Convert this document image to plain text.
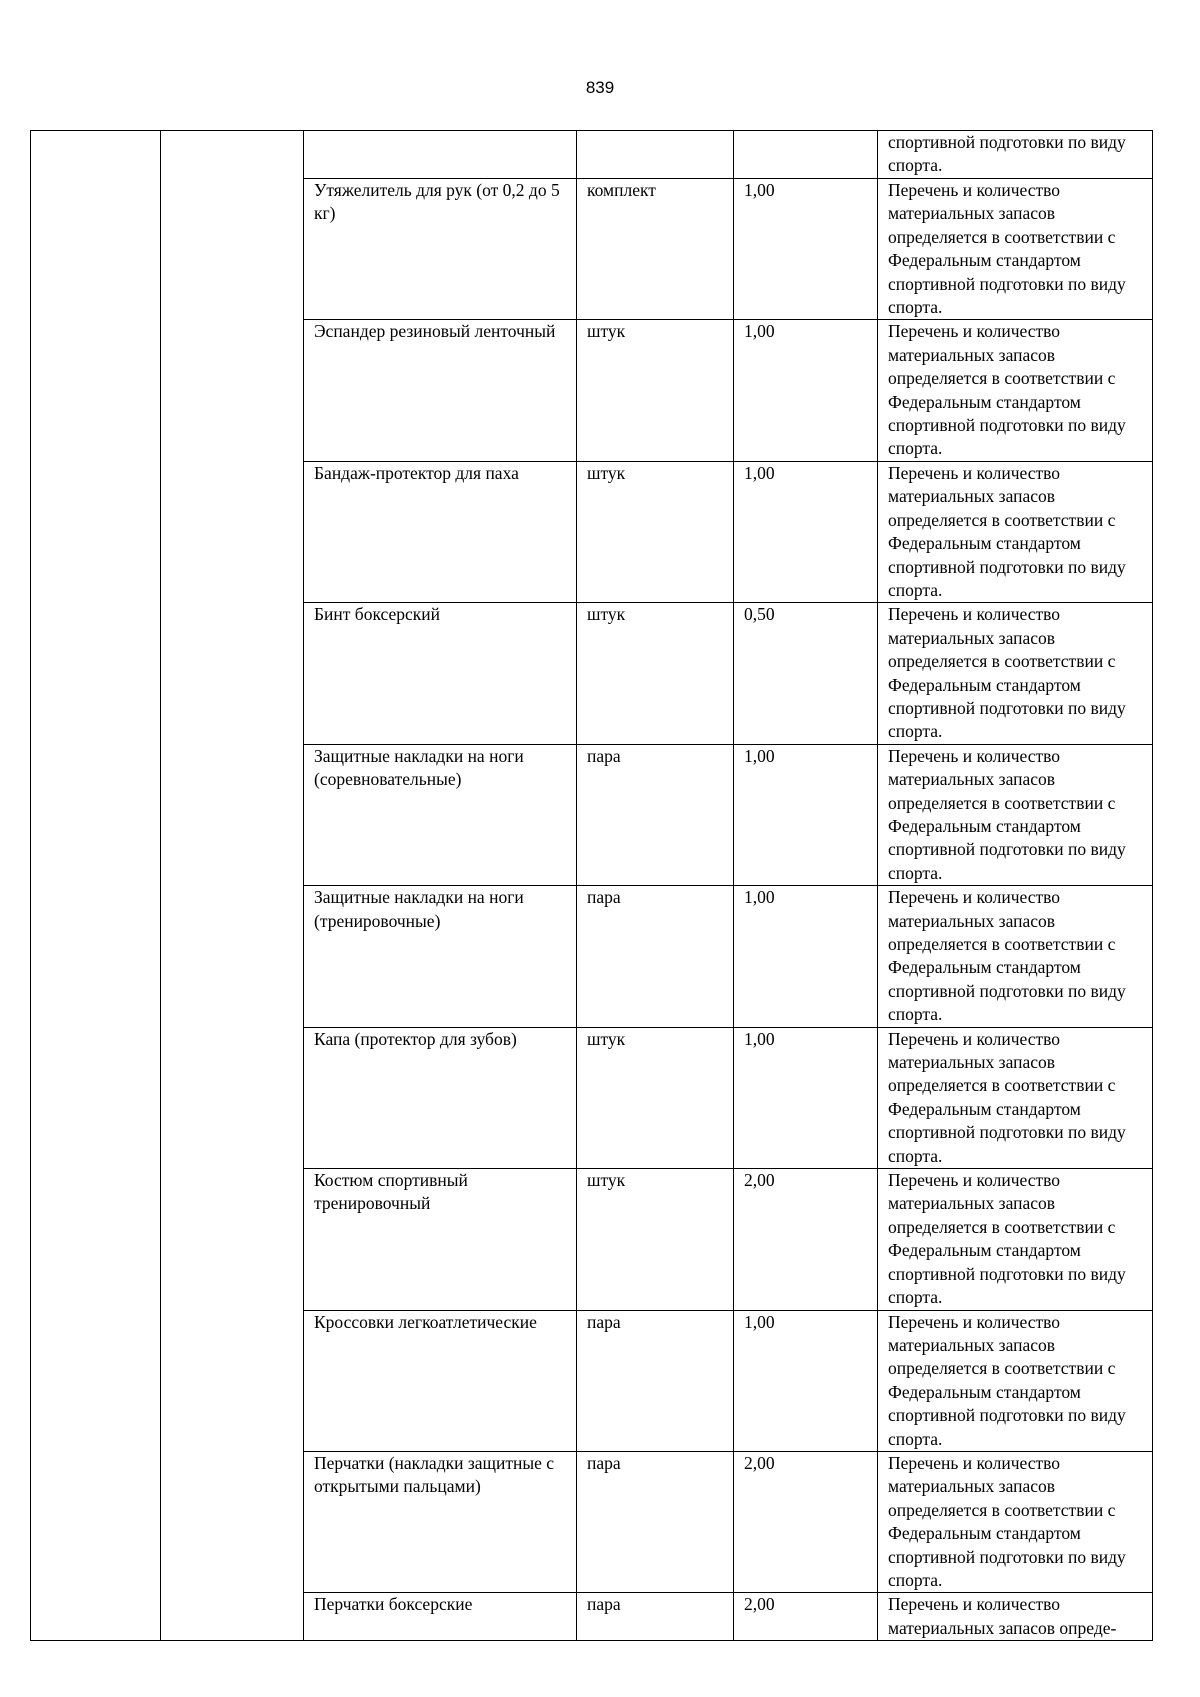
839

					спортивной подготовки по виду спорта.

		Утяжелитель для рук (от 0,2 до 5 кг)	комплект	1,00	Перечень и количество материальных запасов определяется в соответствии с Федеральным стандартом спортивной подготовки по виду спорта.

		Эспандер резиновый ленточный	штук	1,00	Перечень и количество материальных запасов определяется в соответствии с Федеральным стандартом спортивной подготовки по виду спорта.

		Бандаж-протектор для паха	штук	1,00	Перечень и количество материальных запасов определяется в соответствии с Федеральным стандартом спортивной подготовки по виду спорта.

		Бинт боксерский	штук	0,50	Перечень и количество материальных запасов определяется в соответствии с Федеральным стандартом спортивной подготовки по виду спорта.

		Защитные накладки на ноги (соревновательные)	пара	1,00	Перечень и количество материальных запасов определяется в соответствии с Федеральным стандартом спортивной подготовки по виду спорта.

		Защитные накладки на ноги (тренировочные)	пара	1,00	Перечень и количество материальных запасов определяется в соответствии с Федеральным стандартом спортивной подготовки по виду спорта.

		Капа (протектор для зубов)	штук	1,00	Перечень и количество материальных запасов определяется в соответствии с Федеральным стандартом спортивной подготовки по виду спорта.

		Костюм спортивный тренировочный	штук	2,00	Перечень и количество материальных запасов определяется в соответствии с Федеральным стандартом спортивной подготовки по виду спорта.

		Кроссовки легкоатлетические	пара	1,00	Перечень и количество материальных запасов определяется в соответствии с Федеральным стандартом спортивной подготовки по виду спорта.

		Перчатки (накладки защитные с открытыми пальцами)	пара	2,00	Перечень и количество материальных запасов определяется в соответствии с Федеральным стандартом спортивной подготовки по виду спорта.

		Перчатки боксерские	пара	2,00	Перечень и количество материальных запасов опреде-
